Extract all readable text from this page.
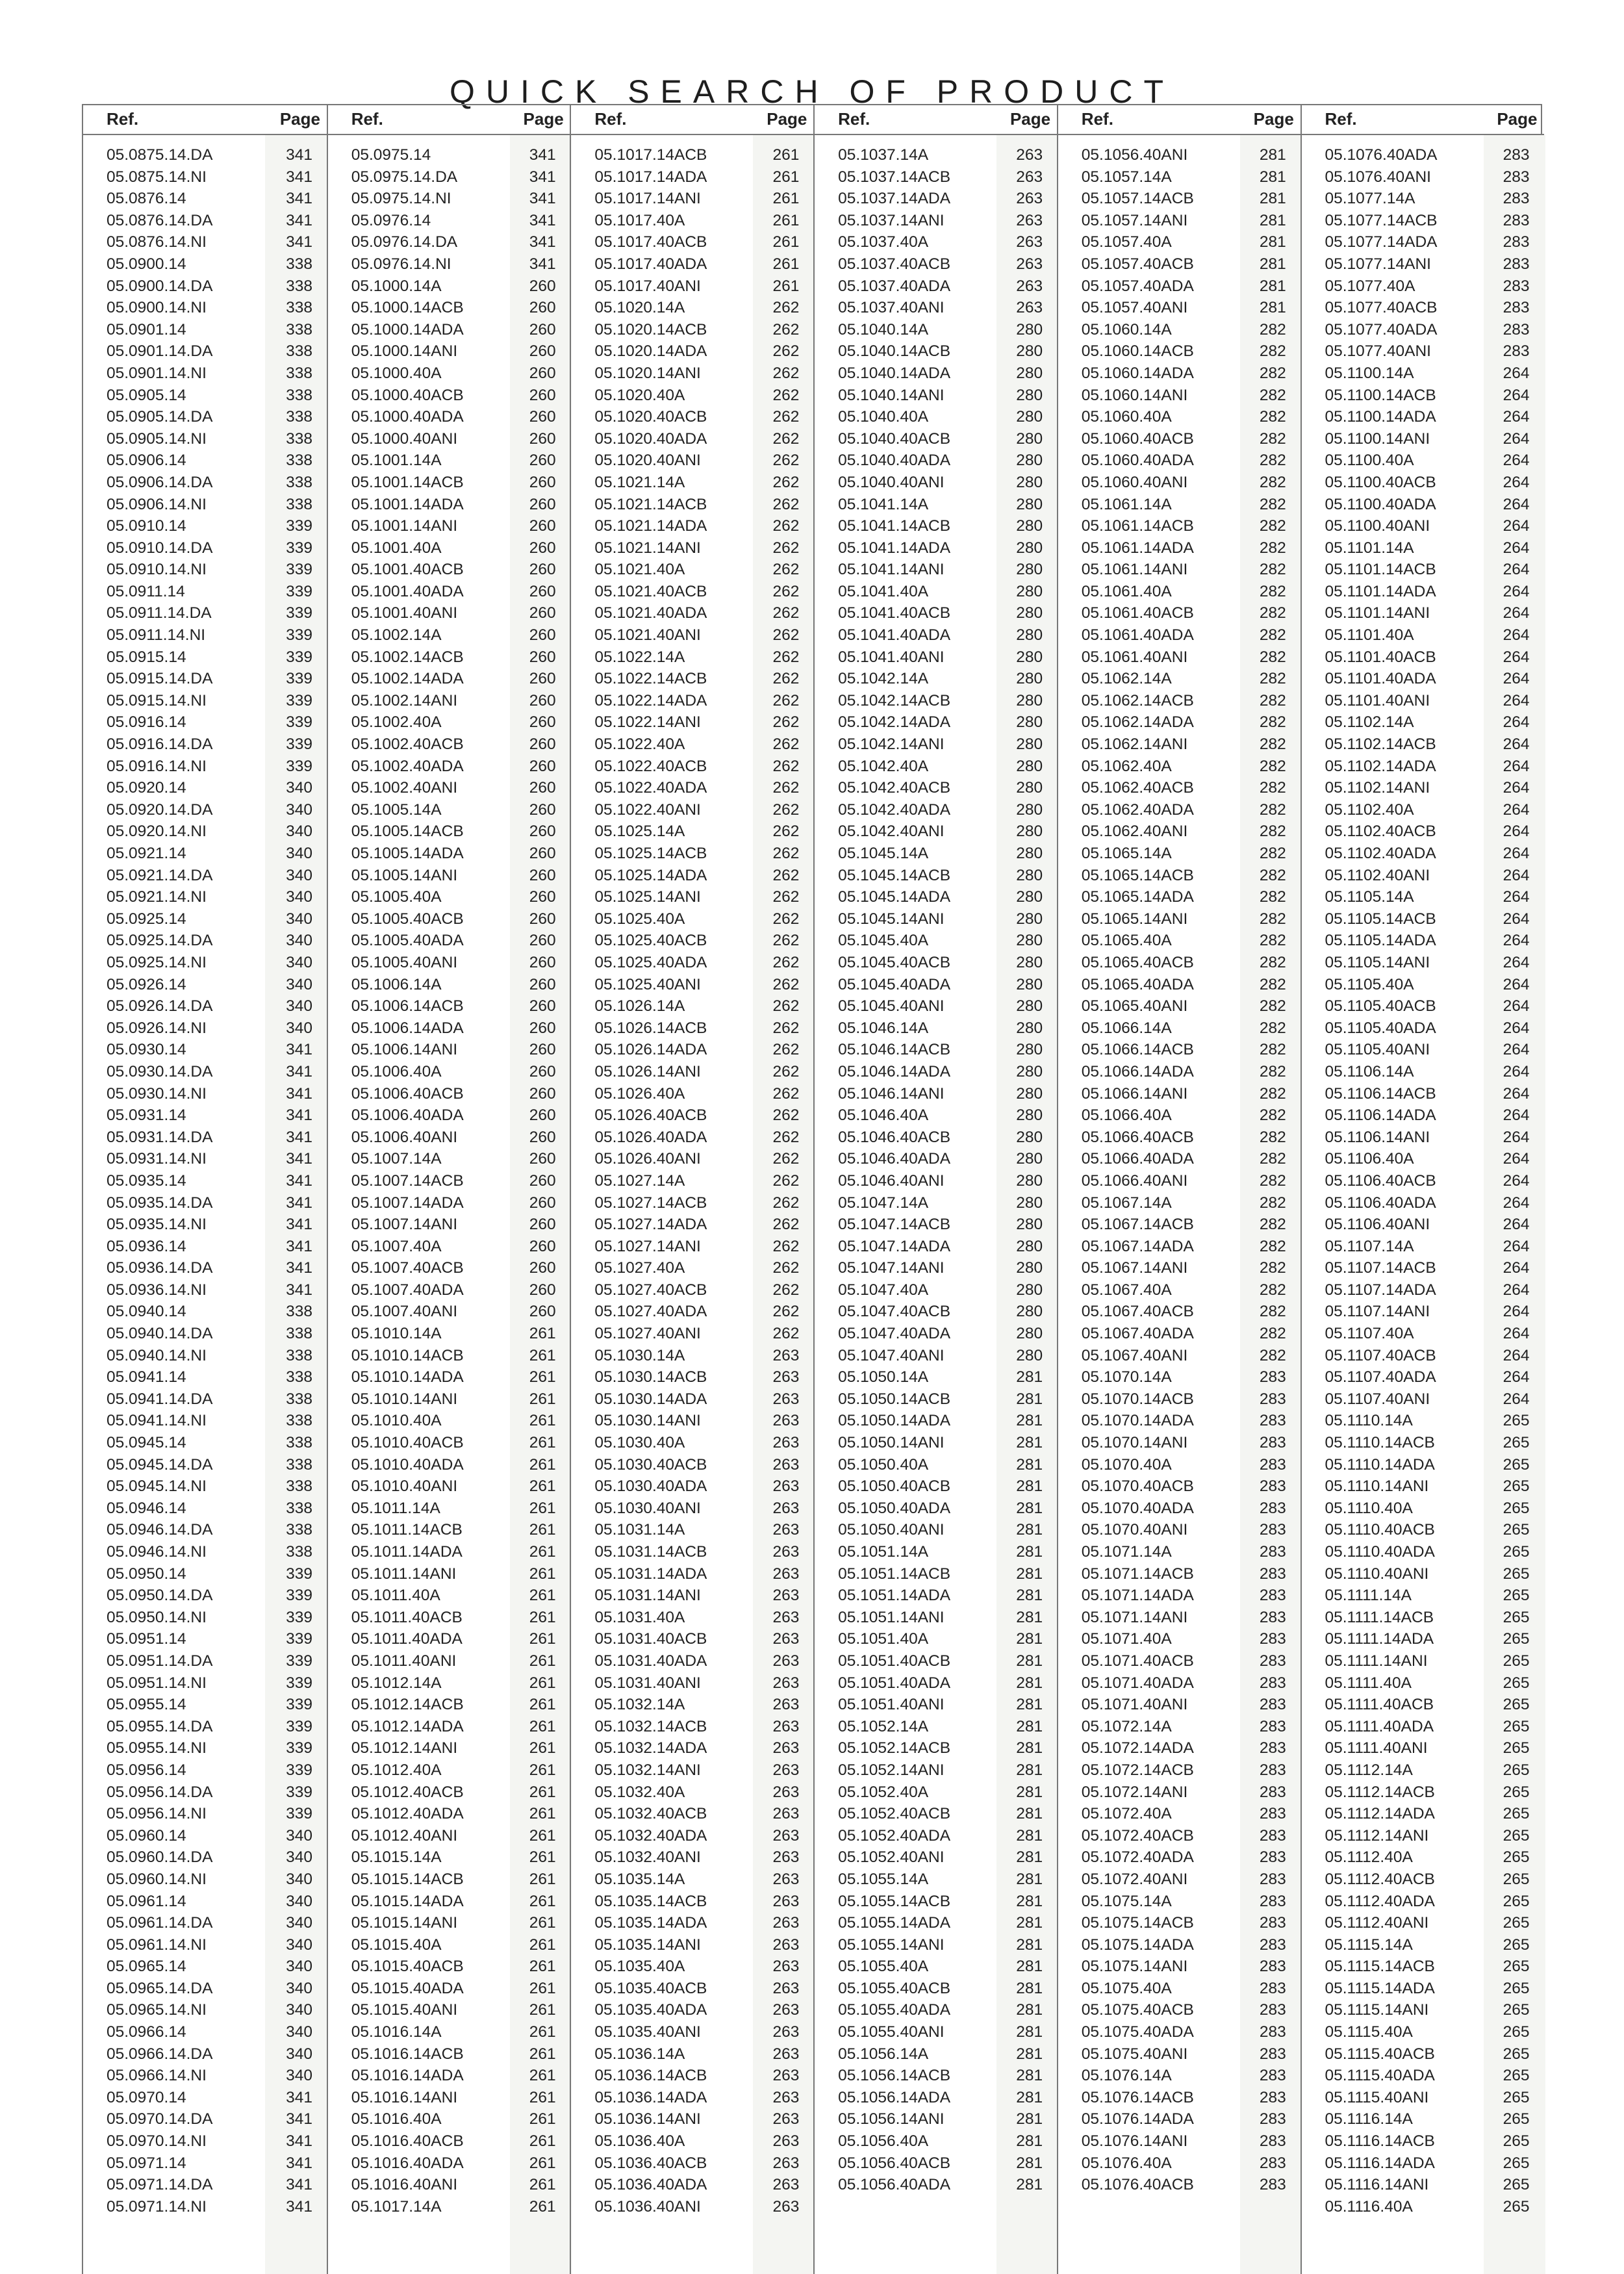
QUICK SEARCH OF PRODUCT
Ref.	Page
05.0875.14.DA	341
05.0875.14.NI	341
05.0876.14	341
05.0876.14.DA	341
05.0876.14.NI	341
05.0900.14	338
05.0900.14.DA	338
05.0900.14.NI	338
05.0901.14	338
05.0901.14.DA	338
05.0901.14.NI	338
05.0905.14	338
05.0905.14.DA	338
05.0905.14.NI	338
05.0906.14	338
05.0906.14.DA	338
05.0906.14.NI	338
05.0910.14	339
05.0910.14.DA	339
05.0910.14.NI	339
05.0911.14	339
05.0911.14.DA	339
05.0911.14.NI	339
05.0915.14	339
05.0915.14.DA	339
05.0915.14.NI	339
05.0916.14	339
05.0916.14.DA	339
05.0916.14.NI	339
05.0920.14	340
05.0920.14.DA	340
05.0920.14.NI	340
05.0921.14	340
05.0921.14.DA	340
05.0921.14.NI	340
05.0925.14	340
05.0925.14.DA	340
05.0925.14.NI	340
05.0926.14	340
05.0926.14.DA	340
05.0926.14.NI	340
05.0930.14	341
05.0930.14.DA	341
05.0930.14.NI	341
05.0931.14	341
05.0931.14.DA	341
05.0931.14.NI	341
05.0935.14	341
05.0935.14.DA	341
05.0935.14.NI	341
05.0936.14	341
05.0936.14.DA	341
05.0936.14.NI	341
05.0940.14	338
05.0940.14.DA	338
05.0940.14.NI	338
05.0941.14	338
05.0941.14.DA	338
05.0941.14.NI	338
05.0945.14	338
05.0945.14.DA	338
05.0945.14.NI	338
05.0946.14	338
05.0946.14.DA	338
05.0946.14.NI	338
05.0950.14	339
05.0950.14.DA	339
05.0950.14.NI	339
05.0951.14	339
05.0951.14.DA	339
05.0951.14.NI	339
05.0955.14	339
05.0955.14.DA	339
05.0955.14.NI	339
05.0956.14	339
05.0956.14.DA	339
05.0956.14.NI	339
05.0960.14	340
05.0960.14.DA	340
05.0960.14.NI	340
05.0961.14	340
05.0961.14.DA	340
05.0961.14.NI	340
05.0965.14	340
05.0965.14.DA	340
05.0965.14.NI	340
05.0966.14	340
05.0966.14.DA	340
05.0966.14.NI	340
05.0970.14	341
05.0970.14.DA	341
05.0970.14.NI	341
05.0971.14	341
05.0971.14.DA	341
05.0971.14.NI	341
Ref.	Page
05.0975.14	341
05.0975.14.DA	341
05.0975.14.NI	341
05.0976.14	341
05.0976.14.DA	341
05.0976.14.NI	341
05.1000.14A	260
05.1000.14ACB	260
05.1000.14ADA	260
05.1000.14ANI	260
05.1000.40A	260
05.1000.40ACB	260
05.1000.40ADA	260
05.1000.40ANI	260
05.1001.14A	260
05.1001.14ACB	260
05.1001.14ADA	260
05.1001.14ANI	260
05.1001.40A	260
05.1001.40ACB	260
05.1001.40ADA	260
05.1001.40ANI	260
05.1002.14A	260
05.1002.14ACB	260
05.1002.14ADA	260
05.1002.14ANI	260
05.1002.40A	260
05.1002.40ACB	260
05.1002.40ADA	260
05.1002.40ANI	260
05.1005.14A	260
05.1005.14ACB	260
05.1005.14ADA	260
05.1005.14ANI	260
05.1005.40A	260
05.1005.40ACB	260
05.1005.40ADA	260
05.1005.40ANI	260
05.1006.14A	260
05.1006.14ACB	260
05.1006.14ADA	260
05.1006.14ANI	260
05.1006.40A	260
05.1006.40ACB	260
05.1006.40ADA	260
05.1006.40ANI	260
05.1007.14A	260
05.1007.14ACB	260
05.1007.14ADA	260
05.1007.14ANI	260
05.1007.40A	260
05.1007.40ACB	260
05.1007.40ADA	260
05.1007.40ANI	260
05.1010.14A	261
05.1010.14ACB	261
05.1010.14ADA	261
05.1010.14ANI	261
05.1010.40A	261
05.1010.40ACB	261
05.1010.40ADA	261
05.1010.40ANI	261
05.1011.14A	261
05.1011.14ACB	261
05.1011.14ADA	261
05.1011.14ANI	261
05.1011.40A	261
05.1011.40ACB	261
05.1011.40ADA	261
05.1011.40ANI	261
05.1012.14A	261
05.1012.14ACB	261
05.1012.14ADA	261
05.1012.14ANI	261
05.1012.40A	261
05.1012.40ACB	261
05.1012.40ADA	261
05.1012.40ANI	261
05.1015.14A	261
05.1015.14ACB	261
05.1015.14ADA	261
05.1015.14ANI	261
05.1015.40A	261
05.1015.40ACB	261
05.1015.40ADA	261
05.1015.40ANI	261
05.1016.14A	261
05.1016.14ACB	261
05.1016.14ADA	261
05.1016.14ANI	261
05.1016.40A	261
05.1016.40ACB	261
05.1016.40ADA	261
05.1016.40ANI	261
05.1017.14A	261
Ref.	Page
05.1017.14ACB	261
05.1017.14ADA	261
05.1017.14ANI	261
05.1017.40A	261
05.1017.40ACB	261
05.1017.40ADA	261
05.1017.40ANI	261
05.1020.14A	262
05.1020.14ACB	262
05.1020.14ADA	262
05.1020.14ANI	262
05.1020.40A	262
05.1020.40ACB	262
05.1020.40ADA	262
05.1020.40ANI	262
05.1021.14A	262
05.1021.14ACB	262
05.1021.14ADA	262
05.1021.14ANI	262
05.1021.40A	262
05.1021.40ACB	262
05.1021.40ADA	262
05.1021.40ANI	262
05.1022.14A	262
05.1022.14ACB	262
05.1022.14ADA	262
05.1022.14ANI	262
05.1022.40A	262
05.1022.40ACB	262
05.1022.40ADA	262
05.1022.40ANI	262
05.1025.14A	262
05.1025.14ACB	262
05.1025.14ADA	262
05.1025.14ANI	262
05.1025.40A	262
05.1025.40ACB	262
05.1025.40ADA	262
05.1025.40ANI	262
05.1026.14A	262
05.1026.14ACB	262
05.1026.14ADA	262
05.1026.14ANI	262
05.1026.40A	262
05.1026.40ACB	262
05.1026.40ADA	262
05.1026.40ANI	262
05.1027.14A	262
05.1027.14ACB	262
05.1027.14ADA	262
05.1027.14ANI	262
05.1027.40A	262
05.1027.40ACB	262
05.1027.40ADA	262
05.1027.40ANI	262
05.1030.14A	263
05.1030.14ACB	263
05.1030.14ADA	263
05.1030.14ANI	263
05.1030.40A	263
05.1030.40ACB	263
05.1030.40ADA	263
05.1030.40ANI	263
05.1031.14A	263
05.1031.14ACB	263
05.1031.14ADA	263
05.1031.14ANI	263
05.1031.40A	263
05.1031.40ACB	263
05.1031.40ADA	263
05.1031.40ANI	263
05.1032.14A	263
05.1032.14ACB	263
05.1032.14ADA	263
05.1032.14ANI	263
05.1032.40A	263
05.1032.40ACB	263
05.1032.40ADA	263
05.1032.40ANI	263
05.1035.14A	263
05.1035.14ACB	263
05.1035.14ADA	263
05.1035.14ANI	263
05.1035.40A	263
05.1035.40ACB	263
05.1035.40ADA	263
05.1035.40ANI	263
05.1036.14A	263
05.1036.14ACB	263
05.1036.14ADA	263
05.1036.14ANI	263
05.1036.40A	263
05.1036.40ACB	263
05.1036.40ADA	263
05.1036.40ANI	263
Ref.	Page
05.1037.14A	263
05.1037.14ACB	263
05.1037.14ADA	263
05.1037.14ANI	263
05.1037.40A	263
05.1037.40ACB	263
05.1037.40ADA	263
05.1037.40ANI	263
05.1040.14A	280
05.1040.14ACB	280
05.1040.14ADA	280
05.1040.14ANI	280
05.1040.40A	280
05.1040.40ACB	280
05.1040.40ADA	280
05.1040.40ANI	280
05.1041.14A	280
05.1041.14ACB	280
05.1041.14ADA	280
05.1041.14ANI	280
05.1041.40A	280
05.1041.40ACB	280
05.1041.40ADA	280
05.1041.40ANI	280
05.1042.14A	280
05.1042.14ACB	280
05.1042.14ADA	280
05.1042.14ANI	280
05.1042.40A	280
05.1042.40ACB	280
05.1042.40ADA	280
05.1042.40ANI	280
05.1045.14A	280
05.1045.14ACB	280
05.1045.14ADA	280
05.1045.14ANI	280
05.1045.40A	280
05.1045.40ACB	280
05.1045.40ADA	280
05.1045.40ANI	280
05.1046.14A	280
05.1046.14ACB	280
05.1046.14ADA	280
05.1046.14ANI	280
05.1046.40A	280
05.1046.40ACB	280
05.1046.40ADA	280
05.1046.40ANI	280
05.1047.14A	280
05.1047.14ACB	280
05.1047.14ADA	280
05.1047.14ANI	280
05.1047.40A	280
05.1047.40ACB	280
05.1047.40ADA	280
05.1047.40ANI	280
05.1050.14A	281
05.1050.14ACB	281
05.1050.14ADA	281
05.1050.14ANI	281
05.1050.40A	281
05.1050.40ACB	281
05.1050.40ADA	281
05.1050.40ANI	281
05.1051.14A	281
05.1051.14ACB	281
05.1051.14ADA	281
05.1051.14ANI	281
05.1051.40A	281
05.1051.40ACB	281
05.1051.40ADA	281
05.1051.40ANI	281
05.1052.14A	281
05.1052.14ACB	281
05.1052.14ANI	281
05.1052.40A	281
05.1052.40ACB	281
05.1052.40ADA	281
05.1052.40ANI	281
05.1055.14A	281
05.1055.14ACB	281
05.1055.14ADA	281
05.1055.14ANI	281
05.1055.40A	281
05.1055.40ACB	281
05.1055.40ADA	281
05.1055.40ANI	281
05.1056.14A	281
05.1056.14ACB	281
05.1056.14ADA	281
05.1056.14ANI	281
05.1056.40A	281
05.1056.40ACB	281
05.1056.40ADA	281
Ref.	Page
05.1056.40ANI	281
05.1057.14A	281
05.1057.14ACB	281
05.1057.14ANI	281
05.1057.40A	281
05.1057.40ACB	281
05.1057.40ADA	281
05.1057.40ANI	281
05.1060.14A	282
05.1060.14ACB	282
05.1060.14ADA	282
05.1060.14ANI	282
05.1060.40A	282
05.1060.40ACB	282
05.1060.40ADA	282
05.1060.40ANI	282
05.1061.14A	282
05.1061.14ACB	282
05.1061.14ADA	282
05.1061.14ANI	282
05.1061.40A	282
05.1061.40ACB	282
05.1061.40ADA	282
05.1061.40ANI	282
05.1062.14A	282
05.1062.14ACB	282
05.1062.14ADA	282
05.1062.14ANI	282
05.1062.40A	282
05.1062.40ACB	282
05.1062.40ADA	282
05.1062.40ANI	282
05.1065.14A	282
05.1065.14ACB	282
05.1065.14ADA	282
05.1065.14ANI	282
05.1065.40A	282
05.1065.40ACB	282
05.1065.40ADA	282
05.1065.40ANI	282
05.1066.14A	282
05.1066.14ACB	282
05.1066.14ADA	282
05.1066.14ANI	282
05.1066.40A	282
05.1066.40ACB	282
05.1066.40ADA	282
05.1066.40ANI	282
05.1067.14A	282
05.1067.14ACB	282
05.1067.14ADA	282
05.1067.14ANI	282
05.1067.40A	282
05.1067.40ACB	282
05.1067.40ADA	282
05.1067.40ANI	282
05.1070.14A	283
05.1070.14ACB	283
05.1070.14ADA	283
05.1070.14ANI	283
05.1070.40A	283
05.1070.40ACB	283
05.1070.40ADA	283
05.1070.40ANI	283
05.1071.14A	283
05.1071.14ACB	283
05.1071.14ADA	283
05.1071.14ANI	283
05.1071.40A	283
05.1071.40ACB	283
05.1071.40ADA	283
05.1071.40ANI	283
05.1072.14A	283
05.1072.14ADA	283
05.1072.14ACB	283
05.1072.14ANI	283
05.1072.40A	283
05.1072.40ACB	283
05.1072.40ADA	283
05.1072.40ANI	283
05.1075.14A	283
05.1075.14ACB	283
05.1075.14ADA	283
05.1075.14ANI	283
05.1075.40A	283
05.1075.40ACB	283
05.1075.40ADA	283
05.1075.40ANI	283
05.1076.14A	283
05.1076.14ACB	283
05.1076.14ADA	283
05.1076.14ANI	283
05.1076.40A	283
05.1076.40ACB	283
Ref.	Page
05.1076.40ADA	283
05.1076.40ANI	283
05.1077.14A	283
05.1077.14ACB	283
05.1077.14ADA	283
05.1077.14ANI	283
05.1077.40A	283
05.1077.40ACB	283
05.1077.40ADA	283
05.1077.40ANI	283
05.1100.14A	264
05.1100.14ACB	264
05.1100.14ADA	264
05.1100.14ANI	264
05.1100.40A	264
05.1100.40ACB	264
05.1100.40ADA	264
05.1100.40ANI	264
05.1101.14A	264
05.1101.14ACB	264
05.1101.14ADA	264
05.1101.14ANI	264
05.1101.40A	264
05.1101.40ACB	264
05.1101.40ADA	264
05.1101.40ANI	264
05.1102.14A	264
05.1102.14ACB	264
05.1102.14ADA	264
05.1102.14ANI	264
05.1102.40A	264
05.1102.40ACB	264
05.1102.40ADA	264
05.1102.40ANI	264
05.1105.14A	264
05.1105.14ACB	264
05.1105.14ADA	264
05.1105.14ANI	264
05.1105.40A	264
05.1105.40ACB	264
05.1105.40ADA	264
05.1105.40ANI	264
05.1106.14A	264
05.1106.14ACB	264
05.1106.14ADA	264
05.1106.14ANI	264
05.1106.40A	264
05.1106.40ACB	264
05.1106.40ADA	264
05.1106.40ANI	264
05.1107.14A	264
05.1107.14ACB	264
05.1107.14ADA	264
05.1107.14ANI	264
05.1107.40A	264
05.1107.40ACB	264
05.1107.40ADA	264
05.1107.40ANI	264
05.1110.14A	265
05.1110.14ACB	265
05.1110.14ADA	265
05.1110.14ANI	265
05.1110.40A	265
05.1110.40ACB	265
05.1110.40ADA	265
05.1110.40ANI	265
05.1111.14A	265
05.1111.14ACB	265
05.1111.14ADA	265
05.1111.14ANI	265
05.1111.40A	265
05.1111.40ACB	265
05.1111.40ADA	265
05.1111.40ANI	265
05.1112.14A	265
05.1112.14ACB	265
05.1112.14ADA	265
05.1112.14ANI	265
05.1112.40A	265
05.1112.40ACB	265
05.1112.40ADA	265
05.1112.40ANI	265
05.1115.14A	265
05.1115.14ACB	265
05.1115.14ADA	265
05.1115.14ANI	265
05.1115.40A	265
05.1115.40ACB	265
05.1115.40ADA	265
05.1115.40ANI	265
05.1116.14A	265
05.1116.14ACB	265
05.1116.14ADA	265
05.1116.14ANI	265
05.1116.40A	265
